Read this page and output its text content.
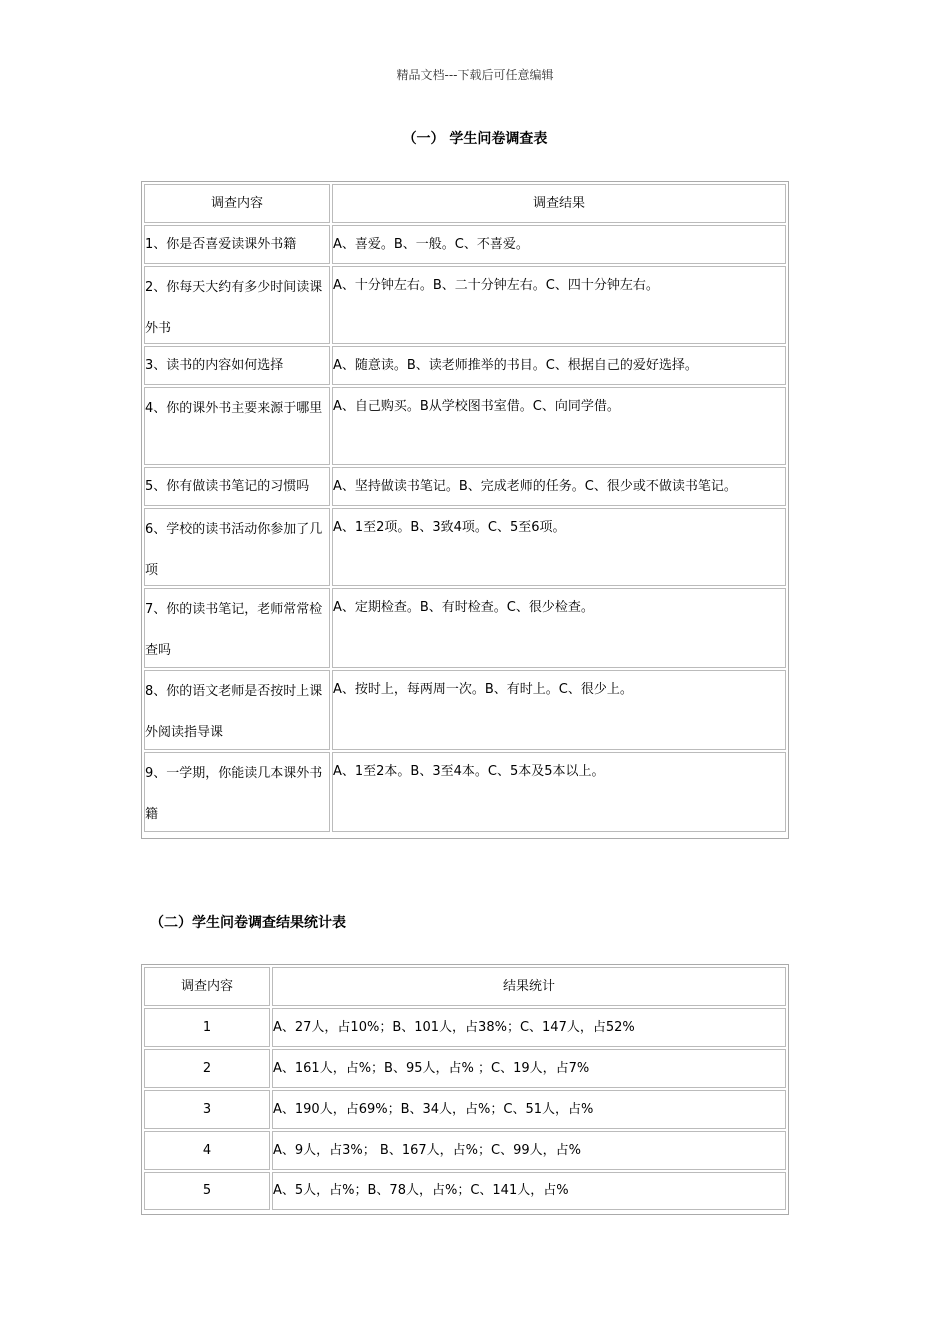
精品文档---下载后可任意编辑
（一） 学生问卷调查表
调查内容	调查结果
1、你是否喜爱读课外书籍	A、喜爱。B、一般。C、不喜爱。
2、你每天大约有多少时间读课外书
A、十分钟左右。B、二十分钟左右。C、四十分钟左右。
3、读书的内容如何选择	A、随意读。B、读老师推举的书目。C、根据自己的爱好选择。
4、你的课外书主要来源于哪里 A、自己购买。B从学校图书室借。C、向同学借。
5、你有做读书笔记的习惯吗	A、坚持做读书笔记。B、完成老师的任务。C、很少或不做读书笔记。
6、学校的读书活动你参加了几项
A、1至2项。B、3致4项。C、5至6项。
7、你的读书笔记，老师常常检查吗
A、定期检查。B、有时检查。C、很少检查。
8、你的语文老师是否按时上课外阅读指导课
A、按时上，每两周一次。B、有时上。C、很少上。
9、一学期，你能读几本课外书籍
A、1至2本。B、3至4本。C、5本及5本以上。
（二）学生问卷调查结果统计表
调查内容	结果统计
1	A、27人，占10%；B、101人，占38%；C、147人，占52%
2	A、161人，占%；B、95人，占% ；C、19人，占7%
3	A、190人，占69%；B、34人，占%；C、51人，占%
4	A、9人，占3%； B、167人，占%；C、99人，占%
5	A、5人，占%；B、78人，占%；C、141人，占%
